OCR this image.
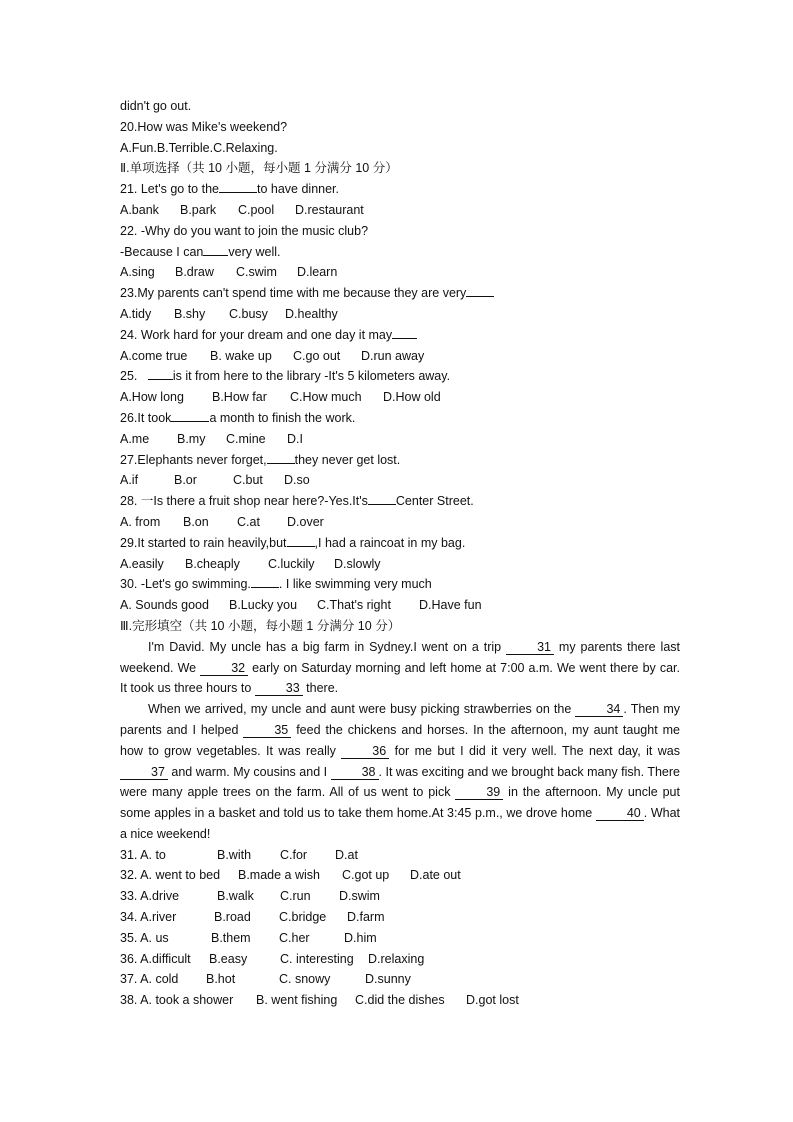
didn't go out.
20.How was Mike's weekend?
A.Fun.B.Terrible.C.Relaxing.
Ⅱ.单项选择（共 10 小题，每小题 1 分满分 10 分）
21. Let's go to the	to have dinner.
A.bank	B.park	C.pool	D.restaurant
22. -Why do you want to join the music club?
-Because I can very well.
A.sing	B.draw	C.swim	D.learn
23.My parents can't spend time with me because they are very
A.tidy	B.shy	C.busy	D.healthy
24. Work hard for your dream and one day it may
A.come true	B. wake up	C.go out	D.run away
25.	is it from here to the library -It's 5 kilometers away.
A.How long	B.How far	C.How much	D.How old
26.It took	a month to finish the work.
A.me	B.my	C.mine	D.I
27.Elephants never forget, they never get lost.
A.if	B.or	C.but	D.so
28. 一Is there a fruit shop near here?-Yes.It's Center Street.
A. from	B.on	C.at	D.over
29.It started to rain heavily,but ,I had a raincoat in my bag.
A.easily	B.cheaply	C.luckily	D.slowly
30. -Let's go swimming. . I like swimming very much
A. Sounds good	B.Lucky you	C.That's right	D.Have fun
Ⅲ.完形填空（共 10 小题，每小题 1 分满分 10 分）

I'm David. My uncle has a big farm in Sydney.I went on a trip 31 my parents there last weekend. We 32 early on Saturday morning and left home at 7:00 a.m. We went there by car. It took us three hours to 33 there.

When we arrived, my uncle and aunt were busy picking strawberries on the 34 . Then my parents and I helped 35 feed the chickens and horses. In the afternoon, my aunt taught me how to grow vegetables. It was really 36 for me but I did it very well. The next day, it was 37 and warm. My cousins and I 38 . It was exciting and we brought back many fish. There were many apple trees on the farm. All of us went to pick 39 in the afternoon. My uncle put some apples in a basket and told us to take them home.At 3:45 p.m., we drove home 40 . What a nice weekend!

31. A. to	B.with	C.for	D.at
32. A. went to bed	B.made a wish	C.got up	D.ate out
33. A.drive	B.walk	C.run	D.swim
34. A.river	B.road	C.bridge	D.farm
35. A. us	B.them	C.her	D.him
36. A.difficult	B.easy	C. interesting	D.relaxing
37. A. cold	B.hot	C. snowy	D.sunny
38. A. took a shower	B. went fishing	C.did the dishes	D.got lost
